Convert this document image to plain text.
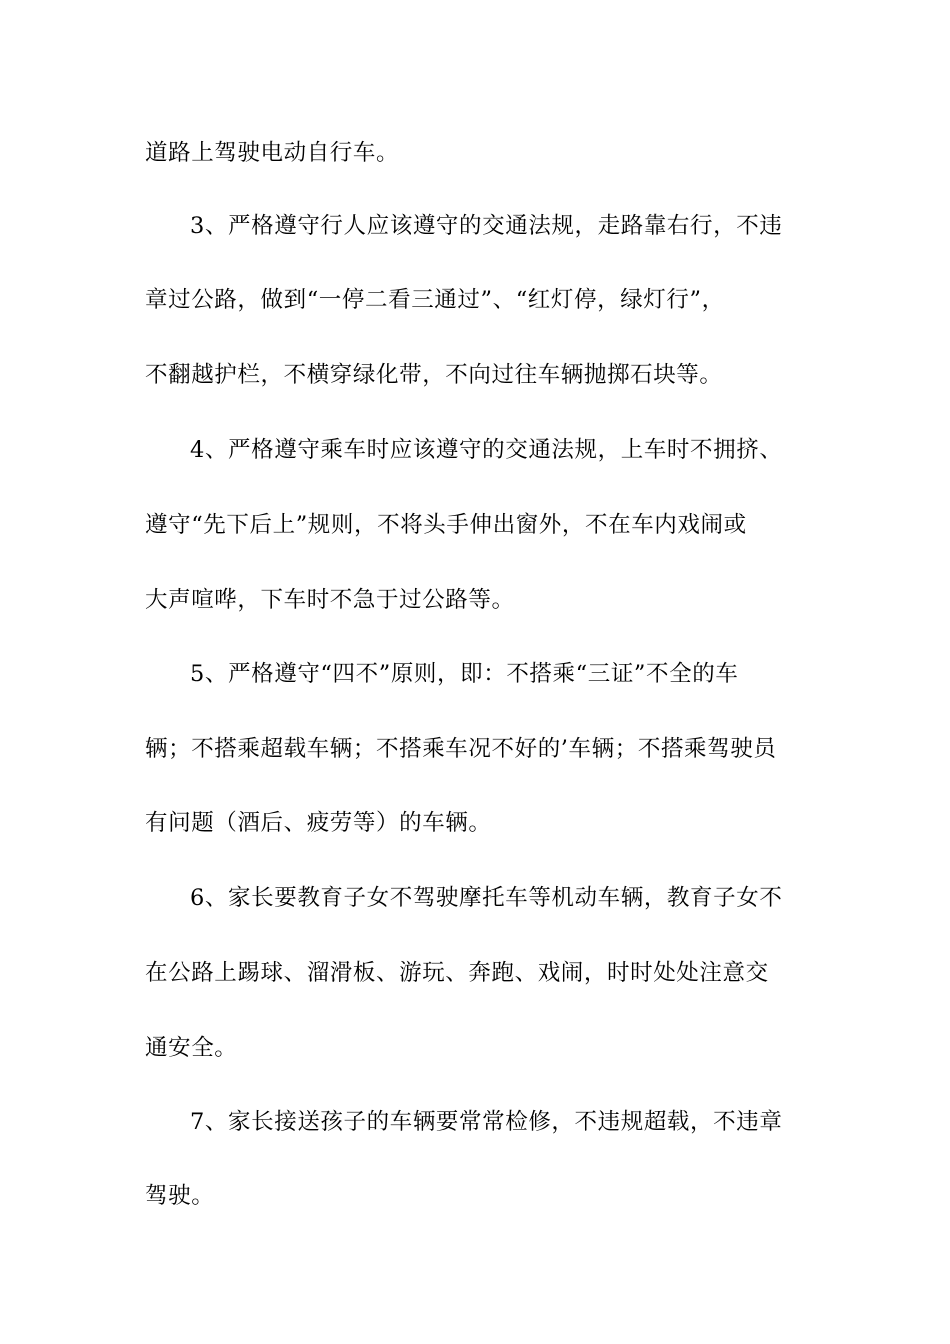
道路上驾驶电动自行车。
3、严格遵守行人应该遵守的交通法规，走路靠右行，不违
章过公路，做到“一停二看三通过”、“红灯停，绿灯行”，
不翻越护栏，不横穿绿化带，不向过往车辆抛掷石块等。
4、严格遵守乘车时应该遵守的交通法规，上车时不拥挤、
遵守“先下后上”规则，不将头手伸出窗外，不在车内戏闹或
大声喧哗，下车时不急于过公路等。
5、严格遵守“四不”原则，即：不搭乘“三证”不全的车
辆；不搭乘超载车辆；不搭乘车况不好的’车辆；不搭乘驾驶员
有问题（酒后、疲劳等）的车辆。
6、家长要教育子女不驾驶摩托车等机动车辆，教育子女不
在公路上踢球、溜滑板、游玩、奔跑、戏闹，时时处处注意交
通安全。
7、家长接送孩子的车辆要常常检修，不违规超载，不违章
驾驶。
